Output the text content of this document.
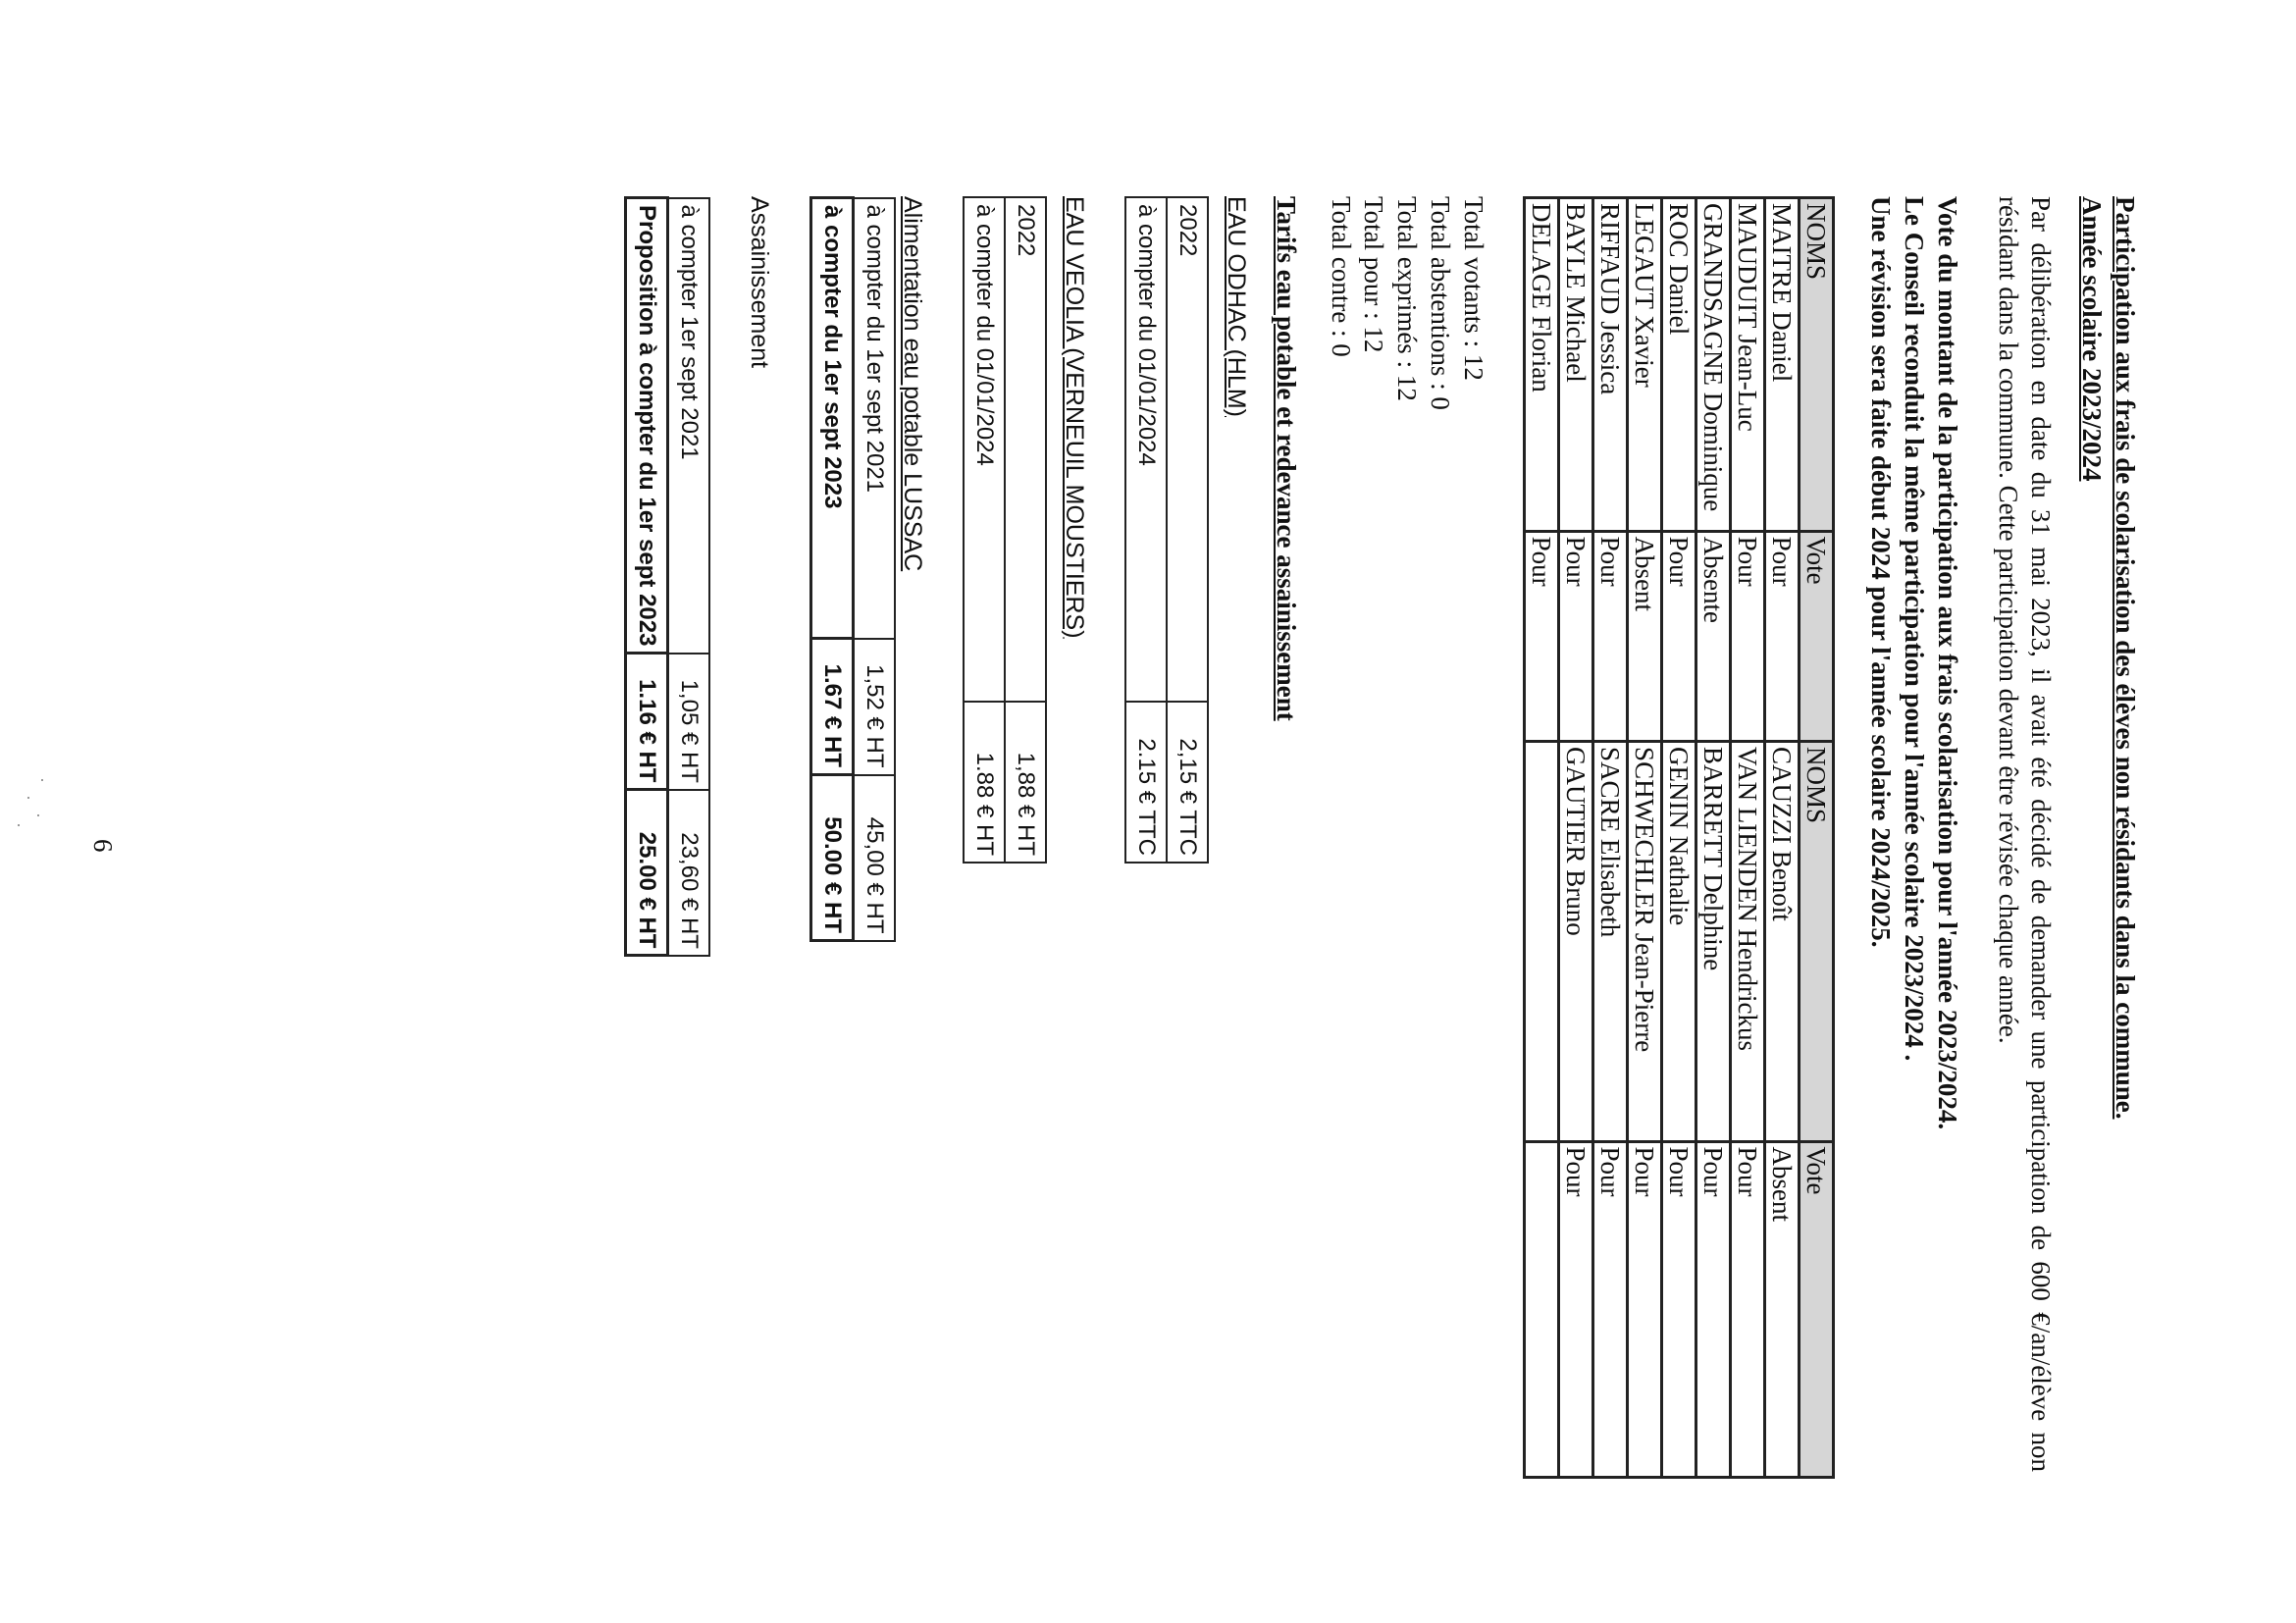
Participation aux frais de scolarisation des élèves non résidants dans la commune.

Année scolaire 2023/2024

Par délibération en date du 31 mai 2023, il avait été décidé de demander une participation de 600 €/an/élève non résidant dans la commune. Cette participation devant être révisée chaque année.

Vote du montant de la participation aux frais scolarisation pour l'année 2023/2024.
Le Conseil reconduit la même participation pour l'année scolaire 2023/2024 .
Une révision sera faite début 2024 pour l'année scolaire 2024/2025.
NOMS	Vote	NOMS	Vote
MAITRE Daniel	Pour	CAUZZI Benoît	Absent
MAUDUIT Jean-Luc	Pour	VAN LIENDEN Hendrickus	Pour
GRANDSAGNE Dominique	Absente	BARRETT Delphine	Pour
ROC Daniel	Pour	GENIN Nathalie	Pour
LEGAUT Xavier	Absent	SCHWECHLER Jean-Pierre	Pour
RIFFAUD Jessica	Pour	SACRE Elisabeth	Pour
BAYLE Michael	Pour	GAUTIER Bruno	Pour
DELAGE Florian	Pour		
Total votants : 12
Total abstentions : 0
Total exprimés : 12
Total pour : 12
Total contre : 0
Tarifs eau potable et redevance assainissement
EAU ODHAC (HLM)
2022	2,15 € TTC
à compter du 01/01/2024	2.15 € TTC
EAU VEOLIA (VERNEUIL MOUSTIERS)
2022	1,88 € HT
à compter du 01/01/2024	1.88 € HT
Alimentation eau potable LUSSAC
à compter du 1er sept 2021	1,52 € HT	45,00 € HT
à compter du 1er sept 2023	1.67 € HT	50.00 € HT
Assainissement
à compter 1er sept 2021	1,05 € HT	23,60 € HT
Proposition à compter du 1er sept 2023	1.16 € HT	25.00 € HT
6
